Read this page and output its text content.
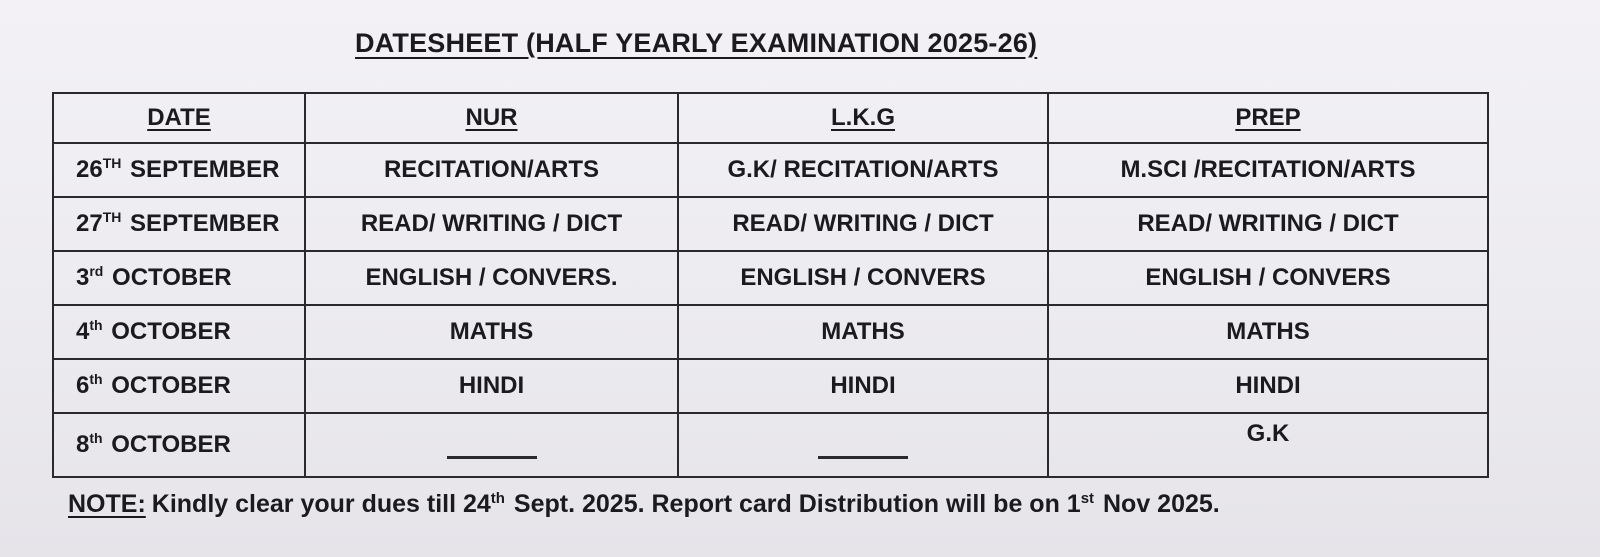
DATESHEET (HALF YEARLY EXAMINATION 2025-26)
DATE	NUR	L.K.G	PREP
26TH SEPTEMBER	RECITATION/ARTS	G.K/ RECITATION/ARTS	M.SCI /RECITATION/ARTS
27TH SEPTEMBER	READ/ WRITING / DICT	READ/ WRITING / DICT	READ/ WRITING / DICT
3rd OCTOBER	ENGLISH / CONVERS.	ENGLISH / CONVERS	ENGLISH / CONVERS
4th OCTOBER	MATHS	MATHS	MATHS
6th OCTOBER	HINDI	HINDI	HINDI
8th OCTOBER			G.K
NOTE: Kindly clear your dues till 24th Sept. 2025. Report card Distribution will be on 1st Nov 2025.
